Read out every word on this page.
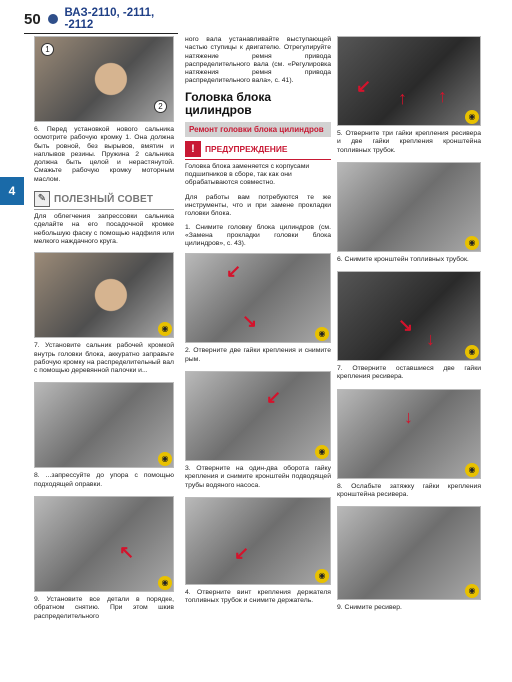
50 ВАЗ-2110, -2111, -2112
4
1
2

6. Перед установкой нового сальника осмотрите рабочую кромку 1. Она должна быть ровной, без вырывов, вмятин и наплывов резины. Пружина 2 сальника должна быть целой и нерастянутой. Смажьте рабочую кромку моторным маслом.

✎ ПОЛЕЗНЫЙ СОВЕТ

Для облегчения запрессовки сальника сделайте на его посадочной кромке небольшую фаску с помощью надфиля или мелкого наждачного круга.

◉

7. Установите сальник рабочей кромкой внутрь головки блока, аккуратно заправьте рабочую кромку на распределительный вал с помощью деревянной палочки и...

◉

8. ...запрессуйте до упора с помощью подходящей оправки.

↖
◉

9. Установите все детали в порядке, обратном снятию. При этом шкив распределительного

ного вала устанавливайте выступающей частью ступицы к двигателю. Отрегулируйте натяжение ремня привода распределительного вала (см. «Регулировка натяжения ремня привода распределительного вала», с. 41).

Головка блока цилиндров
Ремонт головки блока цилиндров
!	ПРЕДУПРЕЖДЕНИЕ

Головка блока заменяется с корпусами подшипников в сборе, так как они обрабатываются совместно.

Для работы вам потребуются те же инструменты, что и при замене прокладки головки блока.

1. Снимите головку блока цилиндров (см. «Замена прокладки головки блока цилиндров», с. 43).

↙
↘
◉

2. Отверните две гайки крепления и снимите рым.

↙
◉

3. Отверните на один-два оборота гайку крепления и снимите кронштейн подводящей трубы водяного насоса.

↙
◉

4. Отверните винт крепления держателя топливных трубок и снимите держатель.

↙
↑ ↑
◉

5. Отверните три гайки крепления ресивера и две гайки крепления кронштейна топливных трубок.

◉

6. Снимите кронштейн топливных трубок.

↘
↓
◉

7. Отверните оставшиеся две гайки крепления ресивера.

↓
◉

8. Ослабьте затяжку гайки крепления кронштейна ресивера.

◉

9. Снимите ресивер.
